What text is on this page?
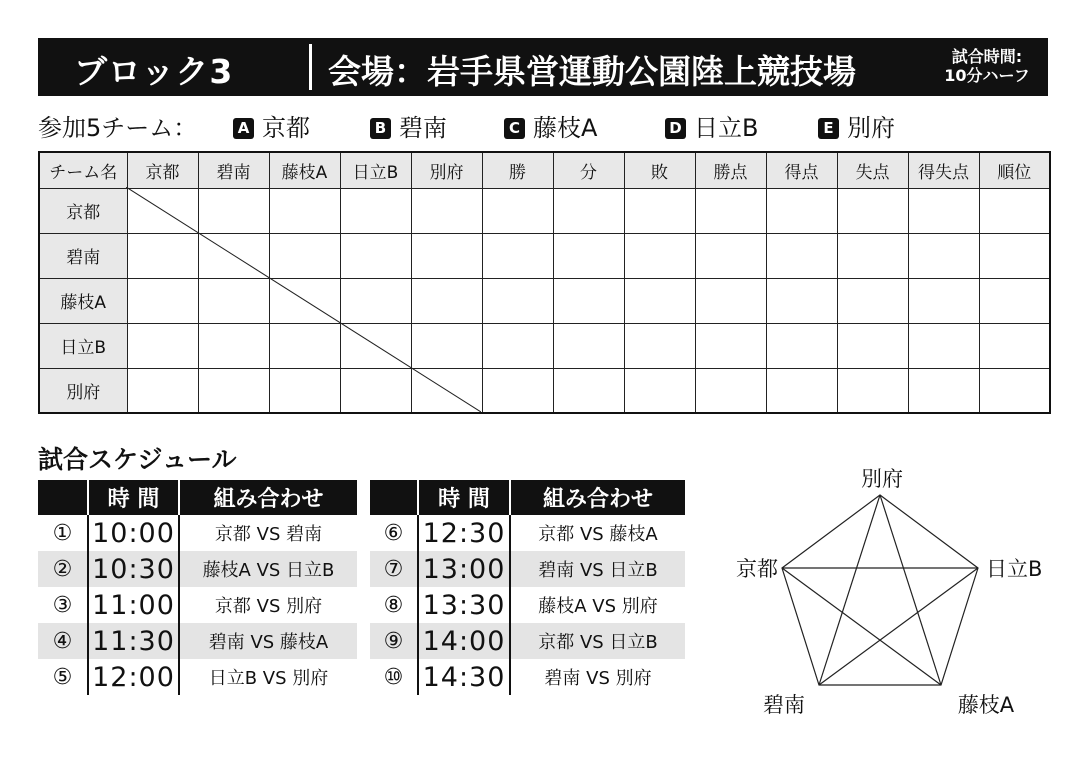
ブロック3	会場：岩手県営運動公園陸上競技場	試合時間:
10分ハーフ
参加5チーム：	A 京都	B 碧南	C 藤枝A	D 日立B	E 別府
チーム名	京都	碧南	藤枝A	日立B	別府	勝	分	敗	勝点	得点	失点	得失点	順位
京都													
碧南													
藤枝A													
日立B													
別府													
試合スケジュール
	時 間	組み合わせ
①	10:00	京都 VS 碧南
②	10:30	藤枝A VS 日立B
③	11:00	京都 VS 別府
④	11:30	碧南 VS 藤枝A
⑤	12:00	日立B VS 別府
	時 間	組み合わせ
⑥	12:30	京都 VS 藤枝A
⑦	13:00	碧南 VS 日立B
⑧	13:30	藤枝A VS 別府
⑨	14:00	京都 VS 日立B
⑩	14:30	碧南 VS 別府
別府
京都	日立B
碧南	藤枝A
